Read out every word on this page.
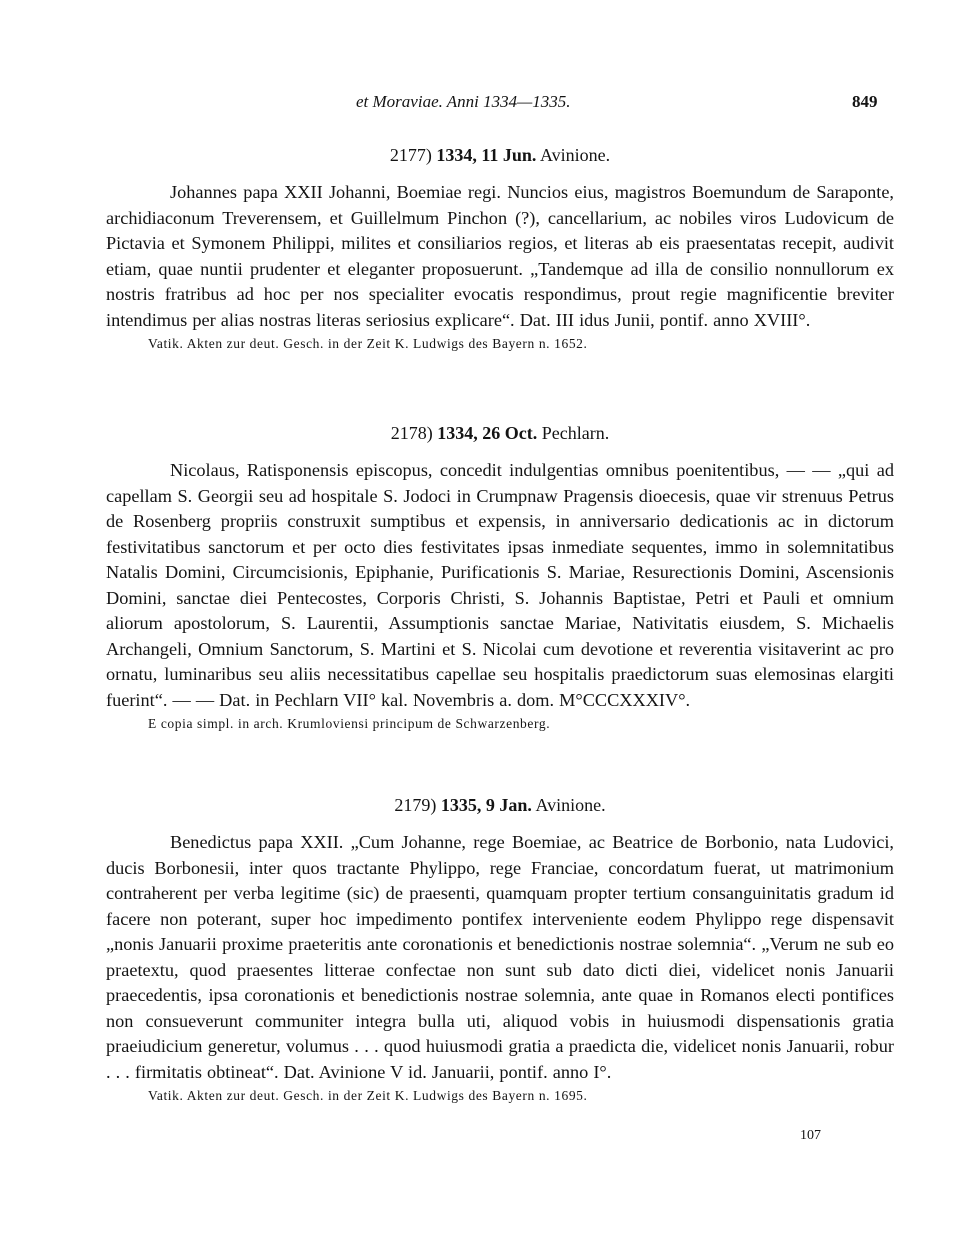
et Moraviae. Anni 1334—1335.	849
2177) 1334, 11 Jun. Avinione.

Johannes papa XXII Johanni, Boemiae regi. Nuncios eius, magistros Boemundum de Saraponte, archidiaconum Treverensem, et Guillelmum Pinchon (?), cancellarium, ac nobiles viros Ludovicum de Pictavia et Symonem Philippi, milites et consiliarios regios, et literas ab eis praesentatas recepit, audivit etiam, quae nuntii prudenter et eleganter proposuerunt. „Tandemque ad illa de consilio nonnullorum ex nostris fratribus ad hoc per nos specialiter evocatis respondimus, prout regie magnificentie breviter intendimus per alias nostras literas seriosius explicare“. Dat. III idus Junii, pontif. anno XVIII°.

Vatik. Akten zur deut. Gesch. in der Zeit K. Ludwigs des Bayern n. 1652.
2178) 1334, 26 Oct. Pechlarn.

Nicolaus, Ratisponensis episcopus, concedit indulgentias omnibus poenitentibus, — — „qui ad capellam S. Georgii seu ad hospitale S. Jodoci in Crumpnaw Pragensis dioecesis, quae vir strenuus Petrus de Rosenberg propriis construxit sumptibus et expensis, in anniversario dedicationis ac in dictorum festivitatibus sanctorum et per octo dies festivitates ipsas inmediate sequentes, immo in solemnitatibus Natalis Domini, Circumcisionis, Epiphanie, Purificationis S. Mariae, Resurectionis Domini, Ascensionis Domini, sanctae diei Pentecostes, Corporis Christi, S. Johannis Baptistae, Petri et Pauli et omnium aliorum apostolorum, S. Laurentii, Assumptionis sanctae Mariae, Nativitatis eiusdem, S. Michaelis Archangeli, Omnium Sanctorum, S. Martini et S. Nicolai cum devotione et reverentia visitaverint ac pro ornatu, luminaribus seu aliis necessitatibus capellae seu hospitalis praedictorum suas elemosinas elargiti fuerint“. — — Dat. in Pechlarn VII° kal. Novembris a. dom. M°CCCXXXIV°.

E copia simpl. in arch. Krumloviensi principum de Schwarzenberg.
2179) 1335, 9 Jan. Avinione.

Benedictus papa XXII. „Cum Johanne, rege Boemiae, ac Beatrice de Borbonio, nata Ludovici, ducis Borbonesii, inter quos tractante Phylippo, rege Franciae, concordatum fuerat, ut matrimonium contraherent per verba legitime (sic) de praesenti, quamquam propter tertium consanguinitatis gradum id facere non poterant, super hoc impedimento pontifex interveniente eodem Phylippo rege dispensavit „nonis Januarii proxime praeteritis ante coronationis et benedictionis nostrae solemnia“. „Verum ne sub eo praetextu, quod praesentes litterae confectae non sunt sub dato dicti diei, videlicet nonis Januarii praecedentis, ipsa coronationis et benedictionis nostrae solemnia, ante quae in Romanos electi pontifices non consueverunt communiter integra bulla uti, aliquod vobis in huiusmodi dispensationis gratia praeiudicium generetur, volumus . . . quod huiusmodi gratia a praedicta die, videlicet nonis Januarii, robur . . . firmitatis obtineat“. Dat. Avinione V id. Januarii, pontif. anno I°.

Vatik. Akten zur deut. Gesch. in der Zeit K. Ludwigs des Bayern n. 1695.
107
